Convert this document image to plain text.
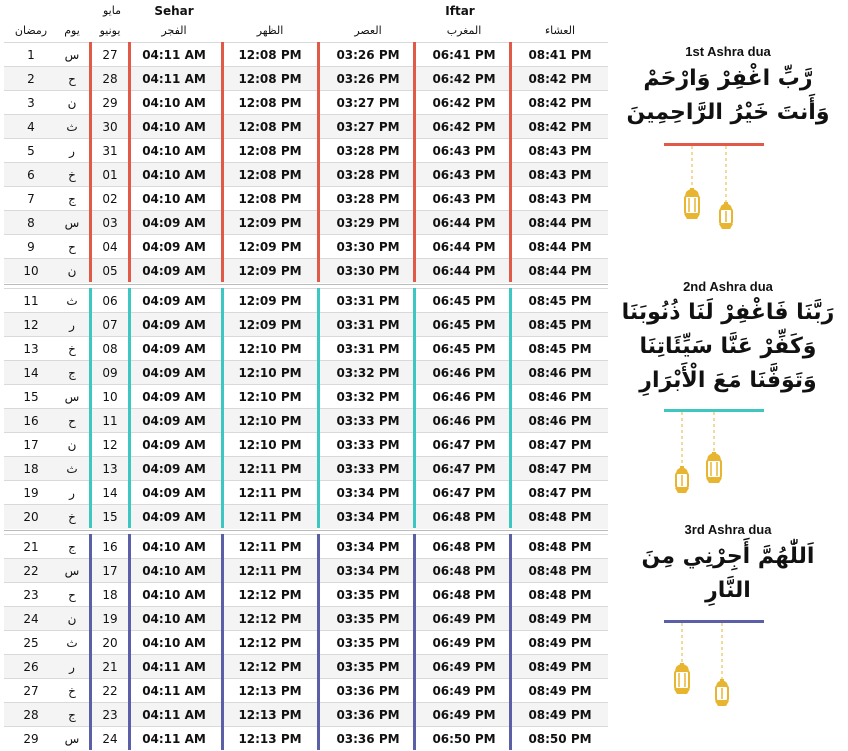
مايو	Sehar	Iftar
رمضان	يوم	يونيو	الفجر	الظهر	العصر	المغرب	العشاء
1	س	27	04:11 AM	12:08 PM	03:26 PM	06:41 PM	08:41 PM
2	ح	28	04:11 AM	12:08 PM	03:26 PM	06:42 PM	08:42 PM
3	ن	29	04:10 AM	12:08 PM	03:27 PM	06:42 PM	08:42 PM
4	ث	30	04:10 AM	12:08 PM	03:27 PM	06:42 PM	08:42 PM
5	ر	31	04:10 AM	12:08 PM	03:28 PM	06:43 PM	08:43 PM
6	خ	01	04:10 AM	12:08 PM	03:28 PM	06:43 PM	08:43 PM
7	ج	02	04:10 AM	12:08 PM	03:28 PM	06:43 PM	08:43 PM
8	س	03	04:09 AM	12:09 PM	03:29 PM	06:44 PM	08:44 PM
9	ح	04	04:09 AM	12:09 PM	03:30 PM	06:44 PM	08:44 PM
10	ن	05	04:09 AM	12:09 PM	03:30 PM	06:44 PM	08:44 PM
11	ث	06	04:09 AM	12:09 PM	03:31 PM	06:45 PM	08:45 PM
12	ر	07	04:09 AM	12:09 PM	03:31 PM	06:45 PM	08:45 PM
13	خ	08	04:09 AM	12:10 PM	03:31 PM	06:45 PM	08:45 PM
14	ج	09	04:09 AM	12:10 PM	03:32 PM	06:46 PM	08:46 PM
15	س	10	04:09 AM	12:10 PM	03:32 PM	06:46 PM	08:46 PM
16	ح	11	04:09 AM	12:10 PM	03:33 PM	06:46 PM	08:46 PM
17	ن	12	04:09 AM	12:10 PM	03:33 PM	06:47 PM	08:47 PM
18	ث	13	04:09 AM	12:11 PM	03:33 PM	06:47 PM	08:47 PM
19	ر	14	04:09 AM	12:11 PM	03:34 PM	06:47 PM	08:47 PM
20	خ	15	04:09 AM	12:11 PM	03:34 PM	06:48 PM	08:48 PM
21	ج	16	04:10 AM	12:11 PM	03:34 PM	06:48 PM	08:48 PM
22	س	17	04:10 AM	12:11 PM	03:34 PM	06:48 PM	08:48 PM
23	ح	18	04:10 AM	12:12 PM	03:35 PM	06:48 PM	08:48 PM
24	ن	19	04:10 AM	12:12 PM	03:35 PM	06:49 PM	08:49 PM
25	ث	20	04:10 AM	12:12 PM	03:35 PM	06:49 PM	08:49 PM
26	ر	21	04:11 AM	12:12 PM	03:35 PM	06:49 PM	08:49 PM
27	خ	22	04:11 AM	12:13 PM	03:36 PM	06:49 PM	08:49 PM
28	ج	23	04:11 AM	12:13 PM	03:36 PM	06:49 PM	08:49 PM
29	س	24	04:11 AM	12:13 PM	03:36 PM	06:50 PM	08:50 PM
1st Ashra dua
رَّبِّ اغْفِرْ وَارْحَمْ
وَأَنتَ خَيْرُ الرَّاحِمِينَ
2nd Ashra dua
رَبَّنَا فَاغْفِرْ لَنَا ذُنُوبَنَا
وَكَفِّرْ عَنَّا سَيِّئَاتِنَا
وَتَوَفَّنَا مَعَ الْأَبْرَارِ
3rd Ashra dua
اَللّٰهُمَّ أَجِرْنِي مِنَ
النَّارِ
